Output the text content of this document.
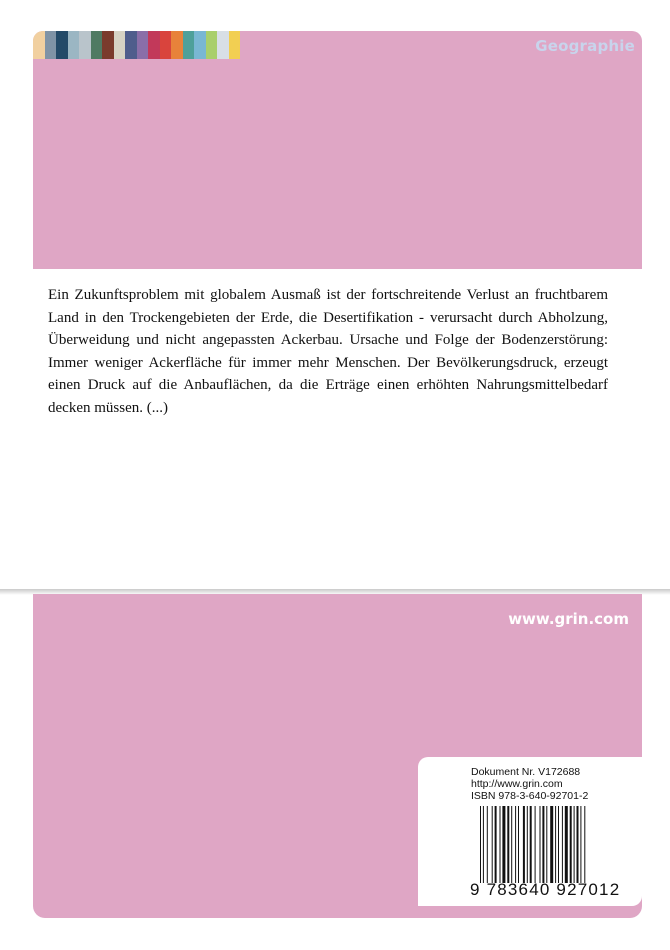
Geographie

Ein Zukunftsproblem mit globalem Ausmaß ist der fortschreitende Verlust an fruchtbarem Land in den Trockengebieten der Erde, die Desertifikation - verursacht durch Abholzung, Überweidung und nicht angepassten Ackerbau. Ursache und Folge der Bodenzerstörung: Immer weniger Ackerfläche für immer mehr Menschen. Der Bevölkerungsdruck, erzeugt einen Druck auf die Anbauflächen, da die Erträge einen erhöhten Nahrungsmittelbedarf decken müssen. (...)

www.grin.com
Dokument Nr. V172688
http://www.grin.com
ISBN 978-3-640-92701-2
9 783640 927012
